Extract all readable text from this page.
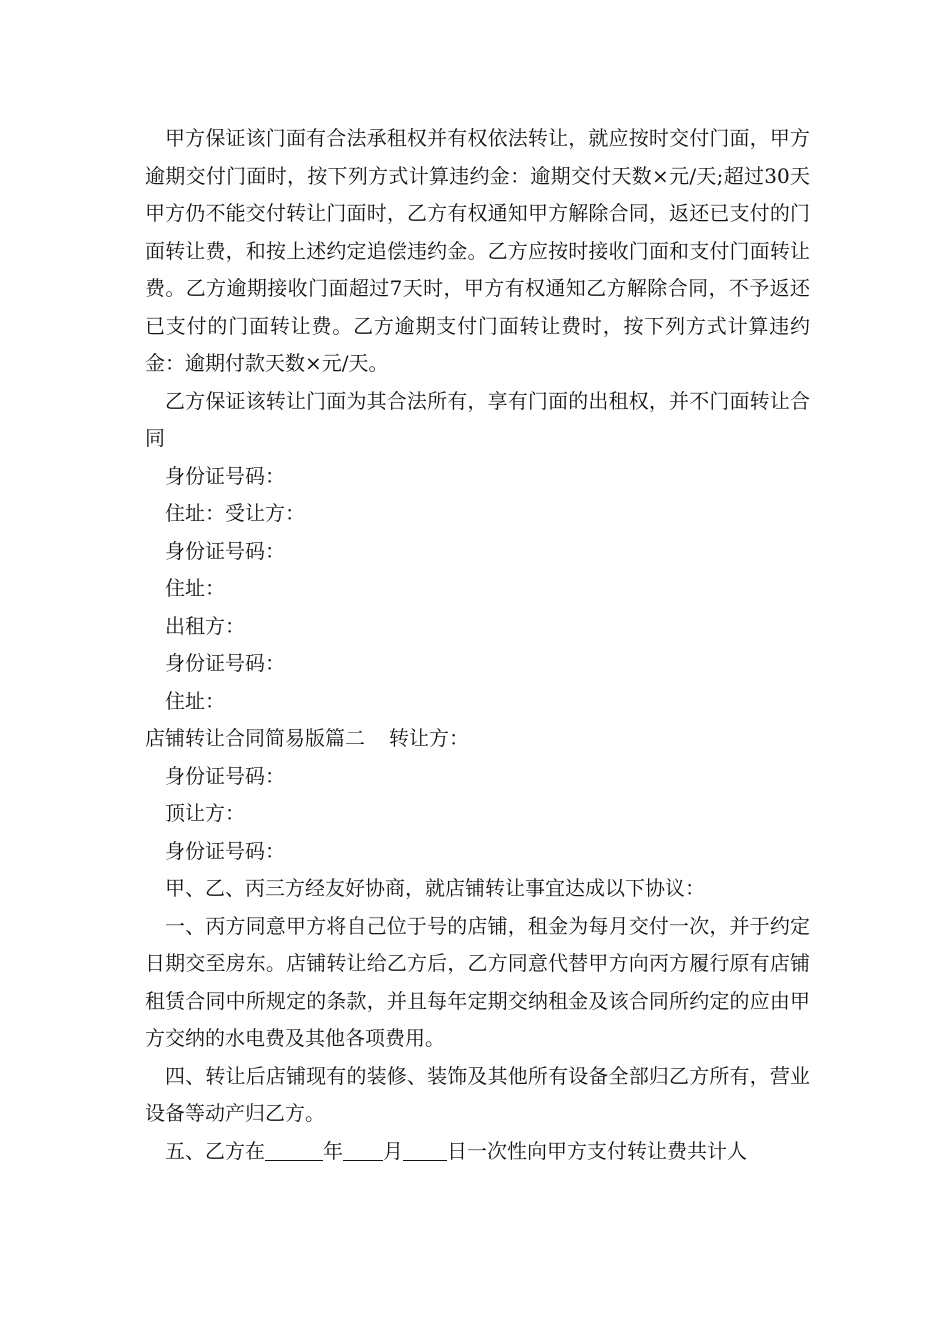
甲方保证该门面有合法承租权并有权依法转让，就应按时交付门面，甲方逾期交付门面时，按下列方式计算违约金：逾期交付天数×元/天;超过30天甲方仍不能交付转让门面时，乙方有权通知甲方解除合同，返还已支付的门面转让费，和按上述约定追偿违约金。乙方应按时接收门面和支付门面转让费。乙方逾期接收门面超过7天时，甲方有权通知乙方解除合同，不予返还已支付的门面转让费。乙方逾期支付门面转让费时，按下列方式计算违约金：逾期付款天数×元/天。

乙方保证该转让门面为其合法所有，享有门面的出租权，并不门面转让合同

身份证号码：

住址：受让方：

身份证号码：

住址：

出租方：

身份证号码：

住址：

店铺转让合同简易版篇二 转让方：

身份证号码：

顶让方：

身份证号码：

甲、乙、丙三方经友好协商，就店铺转让事宜达成以下协议：

一、丙方同意甲方将自己位于号的店铺，租金为每月交付一次，并于约定日期交至房东。店铺转让给乙方后，乙方同意代替甲方向丙方履行原有店铺租赁合同中所规定的条款，并且每年定期交纳租金及该合同所约定的应由甲方交纳的水电费及其他各项费用。

四、转让后店铺现有的装修、装饰及其他所有设备全部归乙方所有，营业设备等动产归乙方。

五、乙方在	年 月 日一次性向甲方支付转让费共计人
